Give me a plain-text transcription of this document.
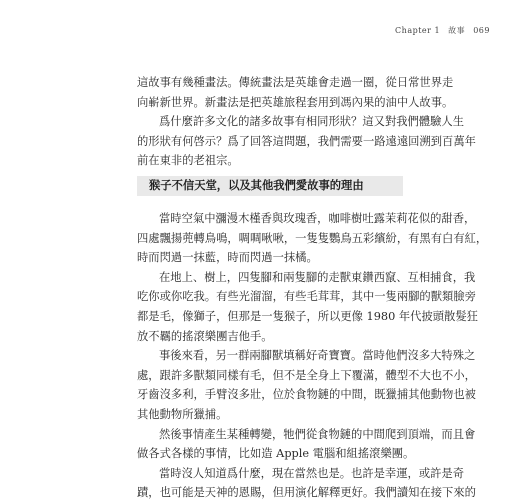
Chapter 1 故事 069

這故事有幾種畫法。傳統畫法是英雄會走過一圈，從日常世界走
向嶄新世界。新畫法是把英雄旅程套用到馮內果的油中人故事。

爲什麼許多文化的諸多故事有相同形狀？這又對我們體驗人生
的形狀有何啓示？爲了回答這問題，我們需要一路遠遠回溯到百萬年
前在東非的老祖宗。

猴子不信天堂，以及其他我們愛故事的理由

當時空氣中瀰漫木槿香與玫瑰香，咖啡樹吐露茉莉花似的甜香，
四處飄揚蔸轉鳥鳴，啁啁啾啾，一隻隻鸚鳥五彩繽紛，有黑有白有紅，
時而閃過一抹藍，時而閃過一抹橘。

在地上、樹上，四隻腳和兩隻腳的走獸東鑽西竄、互相捕食，我
吃你或你吃我。有些光溜溜，有些毛茸茸，其中一隻兩腳的獸類臉旁
都是毛，像獅子，但那是一隻猴子，所以更像 1980 年代披頭散髮狂
放不羈的搖滾樂團吉他手。

事後來看，另一群兩腳獸填稱好奇寶寶。當時他們沒多大特殊之
處，跟許多獸類同樣有毛，但不是全身上下覆滿，體型不大也不小，
牙齒沒多利，手臂沒多壯，位於食物鏈的中間，既獵捕其他動物也被
其他動物所獵捕。

然後事情產生某種轉變，牠們從食物鏈的中間爬到頂端，而且會
做各式各樣的事情，比如造 Apple 電腦和組搖滾樂團。

當時沒人知道爲什麼，現在當然也是。也許是幸運，或許是奇
蹟，也可能是天神的恩賜，但用演化解釋更好。我們讀知在接下來的
